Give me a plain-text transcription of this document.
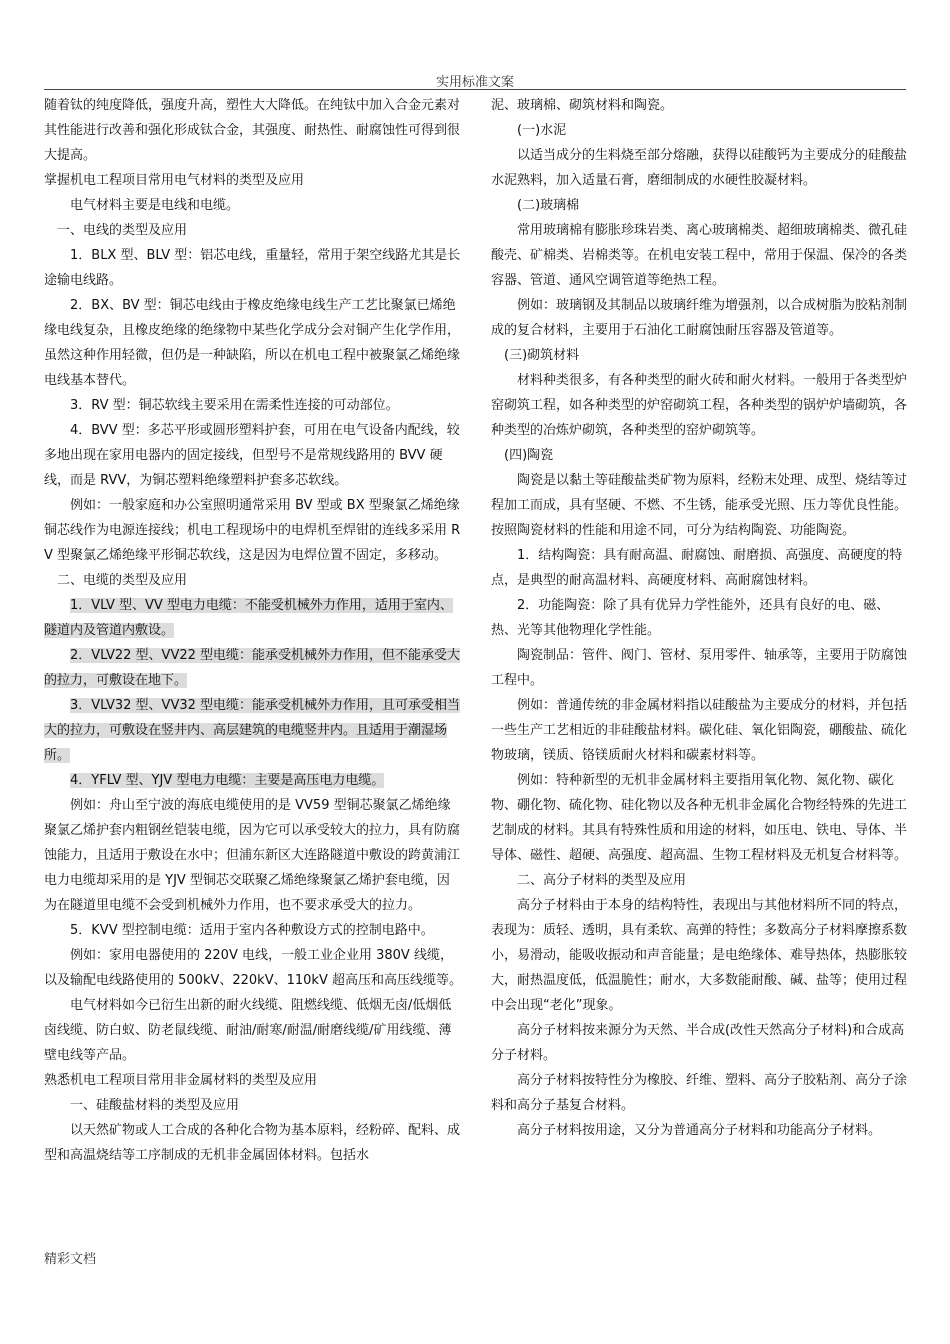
实用标准文案

随着钛的纯度降低，强度升高，塑性大大降低。在纯钛中加入合金元素对其性能进行改善和强化形成钛合金，其强度、耐热性、耐腐蚀性可得到很大提高。

掌握机电工程项目常用电气材料的类型及应用

电气材料主要是电线和电缆。

一、电线的类型及应用

1．BLX 型、BLV 型：铝芯电线，重量轻，常用于架空线路尤其是长途输电线路。

2．BX、BV 型：铜芯电线由于橡皮绝缘电线生产工艺比聚氯已烯绝缘电线复杂，且橡皮绝缘的绝缘物中某些化学成分会对铜产生化学作用，虽然这种作用轻微，但仍是一种缺陷，所以在机电工程中被聚氯乙烯绝缘电线基本替代。

3．RV 型：铜芯软线主要采用在需柔性连接的可动部位。

4．BVV 型：多芯平形或圆形塑料护套，可用在电气设备内配线，较多地出现在家用电器内的固定接线，但型号不是常规线路用的 BVV 硬线，而是 RVV，为铜芯塑料绝缘塑料护套多芯软线。

例如：一般家庭和办公室照明通常采用 BV 型或 BX 型聚氯乙烯绝缘铜芯线作为电源连接线；机电工程现场中的电焊机至焊钳的连线多采用 RV 型聚氯乙烯绝缘平形铜芯软线，这是因为电焊位置不固定，多移动。

二、电缆的类型及应用

1．VLV 型、VV 型电力电缆：不能受机械外力作用，适用于室内、隧道内及管道内敷设。

2．VLV22 型、VV22 型电缆：能承受机械外力作用，但不能承受大的拉力，可敷设在地下。

3．VLV32 型、VV32 型电缆：能承受机械外力作用，且可承受相当大的拉力，可敷设在竖井内、高层建筑的电缆竖井内。且适用于潮湿场所。

4．YFLV 型、YJV 型电力电缆：主要是高压电力电缆。

例如：舟山至宁波的海底电缆使用的是 VV59 型铜芯聚氯乙烯绝缘聚氯乙烯护套内粗钢丝铠装电缆，因为它可以承受较大的拉力，具有防腐蚀能力，且适用于敷设在水中；但浦东新区大连路隧道中敷设的跨黄浦江电力电缆却采用的是 YJV 型铜芯交联聚乙烯绝缘聚氯乙烯护套电缆，因为在隧道里电缆不会受到机械外力作用，也不要求承受大的拉力。

5．KVV 型控制电缆：适用于室内各种敷设方式的控制电路中。

例如：家用电器使用的 220V 电线，一般工业企业用 380V 线缆，以及输配电线路使用的 500kV、220kV、110kV 超高压和高压线缆等。

电气材料如今已衍生出新的耐火线缆、阻燃线缆、低烟无卤/低烟低卤线缆、防白蚁、防老鼠线缆、耐油/耐寒/耐温/耐磨线缆/矿用线缆、薄壁电线等产品。

熟悉机电工程项目常用非金属材料的类型及应用

一、硅酸盐材料的类型及应用

以天然矿物或人工合成的各种化合物为基本原料，经粉碎、配料、成型和高温烧结等工序制成的无机非金属固体材料。包括水

泥、玻璃棉、砌筑材料和陶瓷。

(一)水泥

以适当成分的生料烧至部分熔融，获得以硅酸钙为主要成分的硅酸盐水泥熟料，加入适量石膏，磨细制成的水硬性胶凝材料。

(二)玻璃棉

常用玻璃棉有膨胀珍珠岩类、离心玻璃棉类、超细玻璃棉类、微孔硅酸壳、矿棉类、岩棉类等。在机电安装工程中，常用于保温、保冷的各类容器、管道、通风空调管道等绝热工程。

例如：玻璃钢及其制品以玻璃纤维为增强剂，以合成树脂为胶粘剂制成的复合材料，主要用于石油化工耐腐蚀耐压容器及管道等。

(三)砌筑材料

材料种类很多，有各种类型的耐火砖和耐火材料。一般用于各类型炉窑砌筑工程，如各种类型的炉窑砌筑工程，各种类型的锅炉炉墙砌筑，各种类型的冶炼炉砌筑，各种类型的窑炉砌筑等。

(四)陶瓷

陶瓷是以黏土等硅酸盐类矿物为原料，经粉末处理、成型、烧结等过程加工而成，具有坚硬、不燃、不生锈，能承受光照、压力等优良性能。按照陶瓷材料的性能和用途不同，可分为结构陶瓷、功能陶瓷。

1．结构陶瓷：具有耐高温、耐腐蚀、耐磨损、高强度、高硬度的特点，是典型的耐高温材料、高硬度材料、高耐腐蚀材料。

2．功能陶瓷：除了具有优异力学性能外，还具有良好的电、磁、热、光等其他物理化学性能。

陶瓷制品：管件、阀门、管材、泵用零件、轴承等，主要用于防腐蚀工程中。

例如：普通传统的非金属材料指以硅酸盐为主要成分的材料，并包括一些生产工艺相近的非硅酸盐材料。碳化硅、氧化铝陶瓷，硼酸盐、硫化物玻璃，镁质、铬镁质耐火材料和碳素材料等。

例如：特种新型的无机非金属材料主要指用氧化物、氮化物、碳化物、硼化物、硫化物、硅化物以及各种无机非金属化合物经特殊的先进工艺制成的材料。其具有特殊性质和用途的材料，如压电、铁电、导体、半导体、磁性、超硬、高强度、超高温、生物工程材料及无机复合材料等。

二、高分子材料的类型及应用

高分子材料由于本身的结构特性，表现出与其他材料所不同的特点，表现为：质轻、透明，具有柔软、高弹的特性；多数高分子材料摩擦系数小，易滑动，能吸收振动和声音能量；是电绝缘体、难导热体，热膨胀较大，耐热温度低，低温脆性；耐水，大多数能耐酸、碱、盐等；使用过程中会出现“老化”现象。

高分子材料按来源分为天然、半合成(改性天然高分子材料)和合成高分子材料。

高分子材料按特性分为橡胶、纤维、塑料、高分子胶粘剂、高分子涂料和高分子基复合材料。

高分子材料按用途，又分为普通高分子材料和功能高分子材料。

精彩文档
